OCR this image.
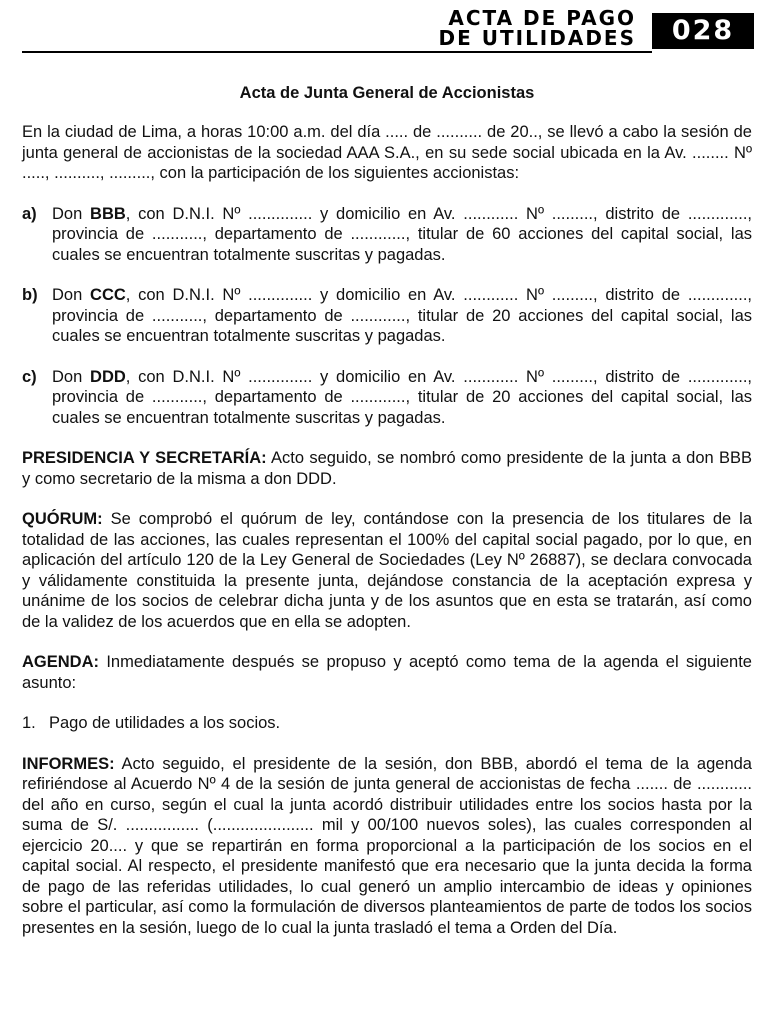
ACTA DE PAGO
DE UTILIDADES	028
Acta de Junta General de Accionistas

En la ciudad de Lima, a horas 10:00 a.m. del día ..... de .......... de 20.., se llevó a cabo la sesión de junta general de accionistas de la sociedad AAA S.A., en su sede social ubicada en la Av. ........ Nº ....., .........., ........., con la participación de los siguientes accionistas:

a) Don BBB, con D.N.I. Nº .............. y domicilio en Av. ............ Nº ........., distrito de ............., provincia de ..........., departamento de ............, titular de 60 acciones del capital social, las cuales se encuentran totalmente suscritas y pagadas.
b) Don CCC, con D.N.I. Nº .............. y domicilio en Av. ............ Nº ........., distrito de ............., provincia de ..........., departamento de ............, titular de 20 acciones del capital social, las cuales se encuentran totalmente suscritas y pagadas.
c) Don DDD, con D.N.I. Nº .............. y domicilio en Av. ............ Nº ........., distrito de ............., provincia de ..........., departamento de ............, titular de 20 acciones del capital social, las cuales se encuentran totalmente suscritas y pagadas.

PRESIDENCIA Y SECRETARÍA: Acto seguido, se nombró como presidente de la junta a don BBB y como secretario de la misma a don DDD.

QUÓRUM: Se comprobó el quórum de ley, contándose con la presencia de los titulares de la totalidad de las acciones, las cuales representan el 100% del capital social pagado, por lo que, en aplicación del artículo 120 de la Ley General de Sociedades (Ley Nº 26887), se declara convocada y válidamente constituida la presente junta, dejándose constancia de la aceptación expresa y unánime de los socios de celebrar dicha junta y de los asuntos que en esta se tratarán, así como de la validez de los acuerdos que en ella se adopten.

AGENDA: Inmediatamente después se propuso y aceptó como tema de la agenda el siguiente asunto:

1. Pago de utilidades a los socios.

INFORMES: Acto seguido, el presidente de la sesión, don BBB, abordó el tema de la agenda refiriéndose al Acuerdo Nº 4 de la sesión de junta general de accionistas de fecha ....... de ............ del año en curso, según el cual la junta acordó distribuir utilidades entre los socios hasta por la suma de S/. ................ (...................... mil y 00/100 nuevos soles), las cuales corresponden al ejercicio 20.... y que se repartirán en forma proporcional a la participación de los socios en el capital social. Al respecto, el presidente manifestó que era necesario que la junta decida la forma de pago de las referidas utilidades, lo cual generó un amplio intercambio de ideas y opiniones sobre el particular, así como la formulación de diversos planteamientos de parte de todos los socios presentes en la sesión, luego de lo cual la junta trasladó el tema a Orden del Día.
